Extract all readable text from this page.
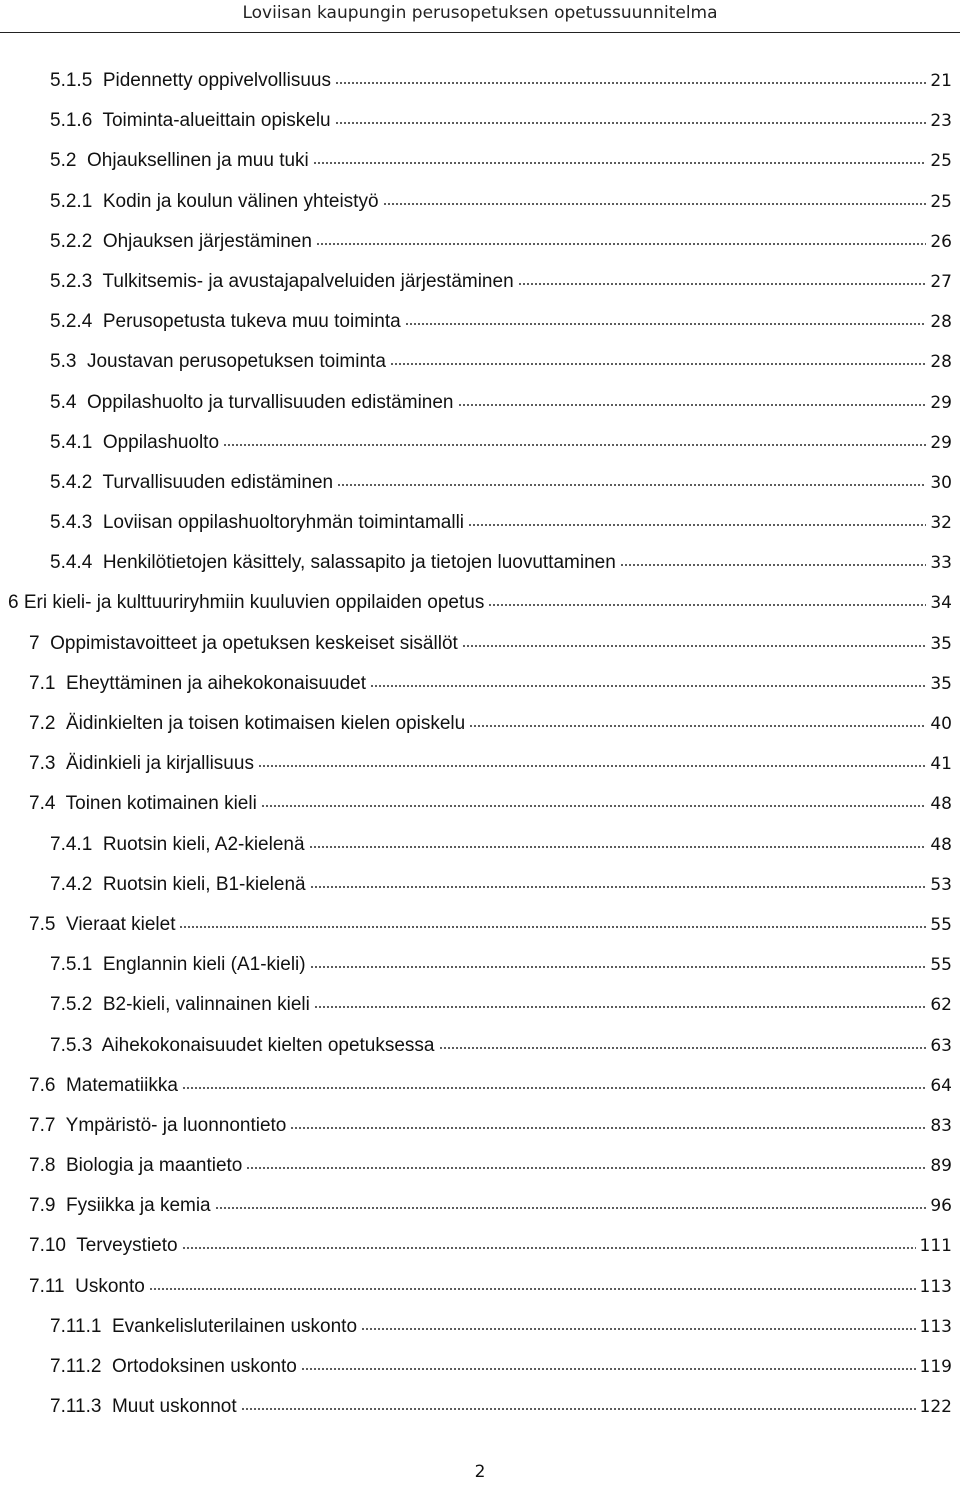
Loviisan kaupungin perusopetuksen opetussuunnitelma
5.1.5 Pidennetty oppivelvollisuus	21
5.1.6 Toiminta-alueittain opiskelu	23
5.2 Ohjauksellinen ja muu tuki	25
5.2.1 Kodin ja koulun välinen yhteistyö	25
5.2.2 Ohjauksen järjestäminen	26
5.2.3 Tulkitsemis- ja avustajapalveluiden järjestäminen	27
5.2.4 Perusopetusta tukeva muu toiminta	28
5.3 Joustavan perusopetuksen toiminta	28
5.4 Oppilashuolto ja turvallisuuden edistäminen	29
5.4.1 Oppilashuolto	29
5.4.2 Turvallisuuden edistäminen	30
5.4.3 Loviisan oppilashuoltoryhmän toimintamalli	32
5.4.4 Henkilötietojen käsittely, salassapito ja tietojen luovuttaminen	33
6 Eri kieli- ja kulttuuriryhmiin kuuluvien oppilaiden opetus	34
7 Oppimistavoitteet ja opetuksen keskeiset sisällöt	35
7.1 Eheyttäminen ja aihekokonaisuudet	35
7.2 Äidinkielten ja toisen kotimaisen kielen opiskelu	40
7.3 Äidinkieli ja kirjallisuus	41
7.4 Toinen kotimainen kieli	48
7.4.1 Ruotsin kieli, A2-kielenä	48
7.4.2 Ruotsin kieli, B1-kielenä	53
7.5 Vieraat kielet	55
7.5.1 Englannin kieli (A1-kieli)	55
7.5.2 B2-kieli, valinnainen kieli	62
7.5.3 Aihekokonaisuudet kielten opetuksessa	63
7.6 Matematiikka	64
7.7 Ympäristö- ja luonnontieto	83
7.8 Biologia ja maantieto	89
7.9 Fysiikka ja kemia	96
7.10 Terveystieto	111
7.11 Uskonto	113
7.11.1 Evankelisluterilainen uskonto	113
7.11.2 Ortodoksinen uskonto	119
7.11.3 Muut uskonnot	122
2
